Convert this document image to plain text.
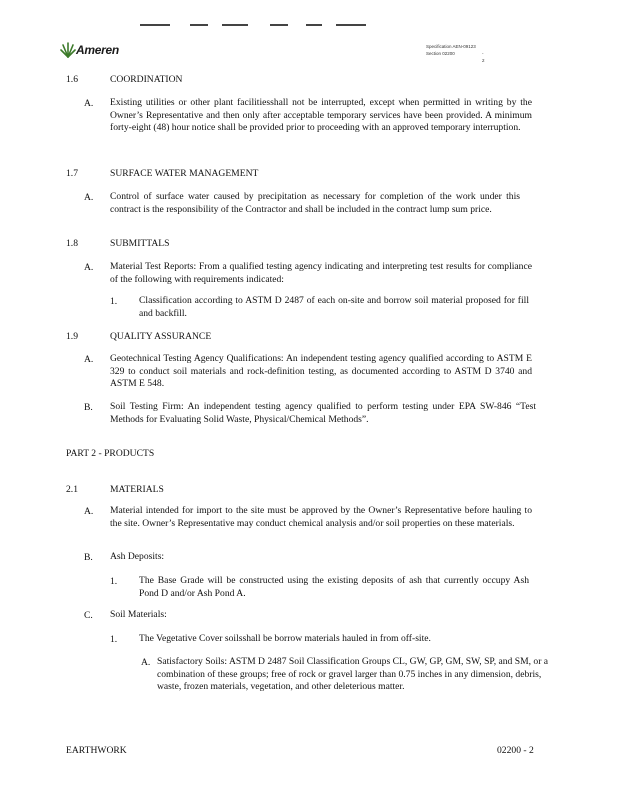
Ameren	Specification AEN-09123
Section 02200	- 2
1.6	COORDINATION
A. Existing utilities or other plant facilitiesshall not be interrupted, except when permitted in writing by the Owner’s Representative and then only after acceptable temporary services have been provided. A minimum forty-eight (48) hour notice shall be provided prior to proceeding with an approved temporary interruption.
1.7	SURFACE WATER MANAGEMENT
A. Control of surface water caused by precipitation as necessary for completion of the work under this contract is the responsibility of the Contractor and shall be included in the contract lump sum price.
1.8	SUBMITTALS
A. Material Test Reports: From a qualified testing agency indicating and interpreting test results for compliance of the following with requirements indicated:
1. Classification according to ASTM D 2487 of each on-site and borrow soil material proposed for fill and backfill.
1.9	QUALITY ASSURANCE
A. Geotechnical Testing Agency Qualifications: An independent testing agency qualified according to ASTM E 329 to conduct soil materials and rock-definition testing, as documented according to ASTM D 3740 and ASTM E 548.
B. Soil Testing Firm: An independent testing agency qualified to perform testing under EPA SW-846 “Test Methods for Evaluating Solid Waste, Physical/Chemical Methods”.
PART 2 - PRODUCTS
2.1	MATERIALS
A. Material intended for import to the site must be approved by the Owner’s Representative before hauling to the site. Owner’s Representative may conduct chemical analysis and/or soil properties on these materials.
B. Ash Deposits:
1. The Base Grade will be constructed using the existing deposits of ash that currently occupy Ash Pond D and/or Ash Pond A.
C. Soil Materials:
1. The Vegetative Cover soilsshall be borrow materials hauled in from off-site.
A. Satisfactory Soils: ASTM D 2487 Soil Classification Groups CL, GW, GP, GM, SW, SP, and SM, or a combination of these groups; free of rock or gravel larger than 0.75 inches in any dimension, debris, waste, frozen materials, vegetation, and other deleterious matter.
EARTHWORK	02200 - 2
